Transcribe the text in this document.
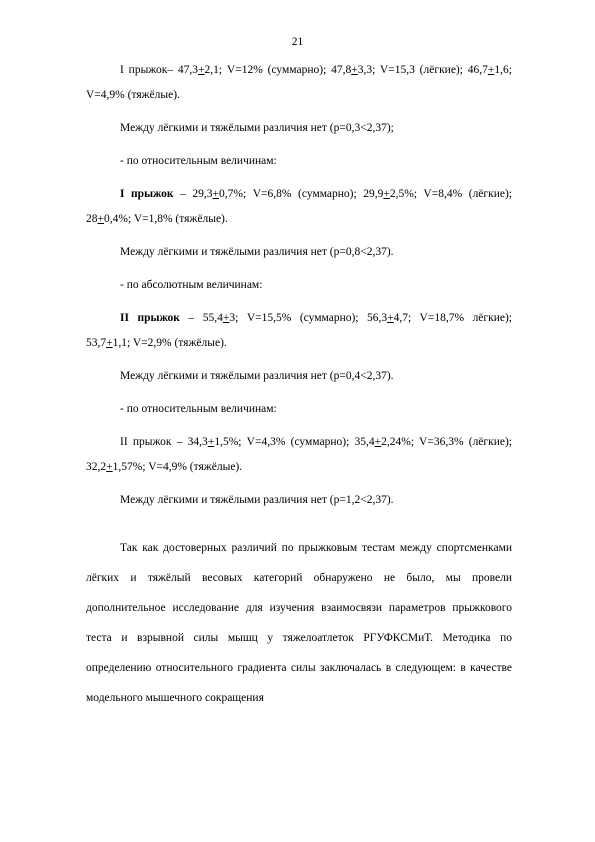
21

I прыжок– 47,3+2,1; V=12% (суммарно); 47,8+3,3; V=15,3 (лёгкие); 46,7+1,6; V=4,9% (тяжёлые).

Между лёгкими и тяжёлыми различия нет (p=0,3<2,37);

- по относительным величинам:

I прыжок – 29,3+0,7%; V=6,8% (суммарно); 29,9+2,5%; V=8,4% (лёгкие); 28+0,4%; V=1,8% (тяжёлые).

Между лёгкими и тяжёлыми различия нет (p=0,8<2,37).

- по абсолютным величинам:

II прыжок – 55,4+3; V=15,5% (суммарно); 56,3+4,7; V=18,7% лёгкие); 53,7+1,1; V=2,9% (тяжёлые).

Между лёгкими и тяжёлыми различия нет (p=0,4<2,37).

- по относительным величинам:

II прыжок – 34,3+1,5%; V=4,3% (суммарно); 35,4+2,24%; V=36,3% (лёгкие); 32,2+1,57%; V=4,9% (тяжёлые).

Между лёгкими и тяжёлыми различия нет (p=1,2<2,37).

Так как достоверных различий по прыжковым тестам между спортсменками лёгких и тяжёлый весовых категорий обнаружено не было, мы провели дополнительное исследование для изучения взаимосвязи параметров прыжкового теста и взрывной силы мышц у тяжелоатлеток РГУФКСМиТ. Методика по определению относительного градиента силы заключалась в следующем: в качестве модельного мышечного сокращения
